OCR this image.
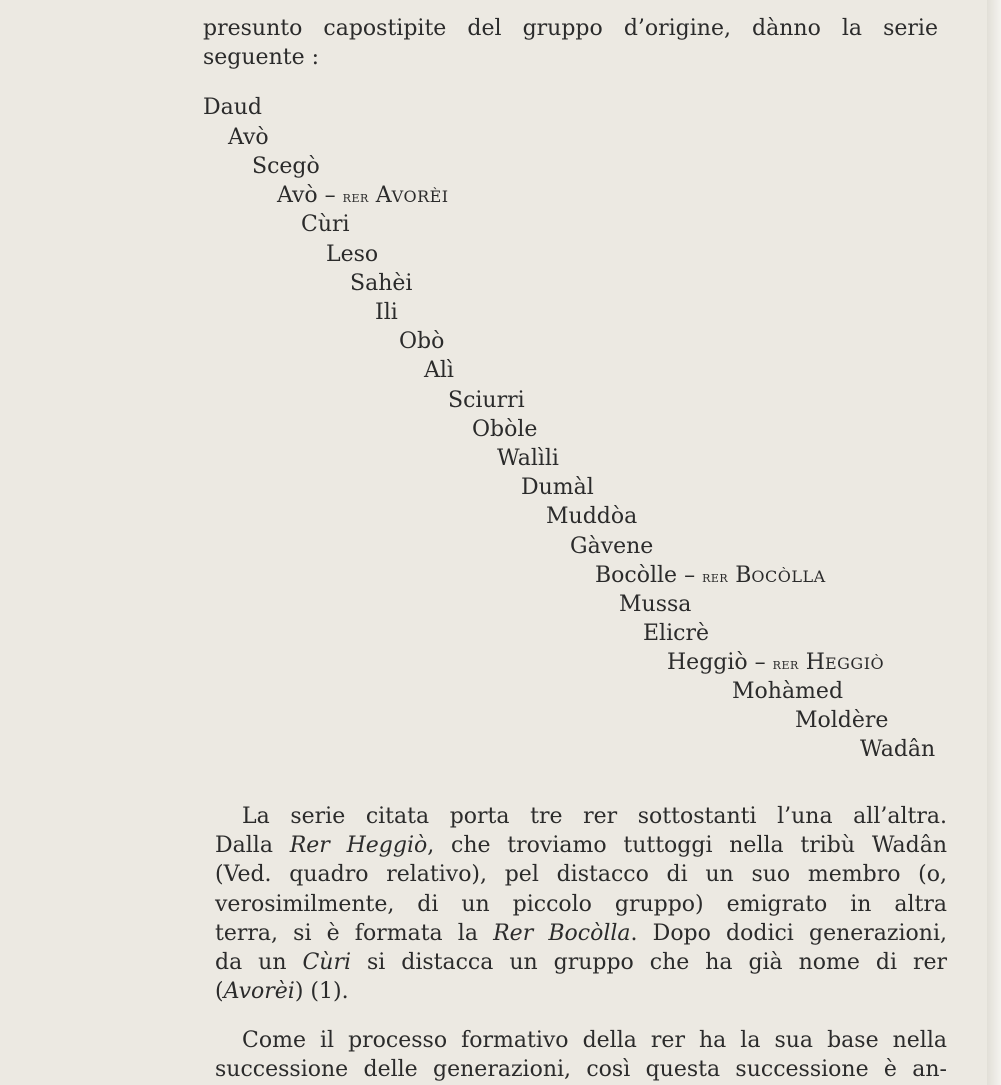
presunto capostipite del gruppo d’origine, dànno la serie
seguente :
Daud
Avò
Scegò
Avò – rer AVORÈI
Cùri
Leso
Sahèi
Ili
Obò
Alì
Sciurri
Obòle
Walìli
Dumàl
Muddòa
Gàvene
Bocòlle – rer BOCÒLLA
Mussa
Elicrè
Heggiò – rer HEGGIÒ
Mohàmed
Moldère
Wadân
La serie citata porta tre rer sottostanti l’una all’altra.
Dalla Rer Heggiò, che troviamo tuttoggi nella tribù Wadân
(Ved. quadro relativo), pel distacco di un suo membro (o,
verosimilmente, di un piccolo gruppo) emigrato in altra
terra, si è formata la Rer Bocòlla. Dopo dodici generazioni,
da un Cùri si distacca un gruppo che ha già nome di rer
(Avorèi) (1).
Come il processo formativo della rer ha la sua base nella
successione delle generazioni, così questa successione è an-
